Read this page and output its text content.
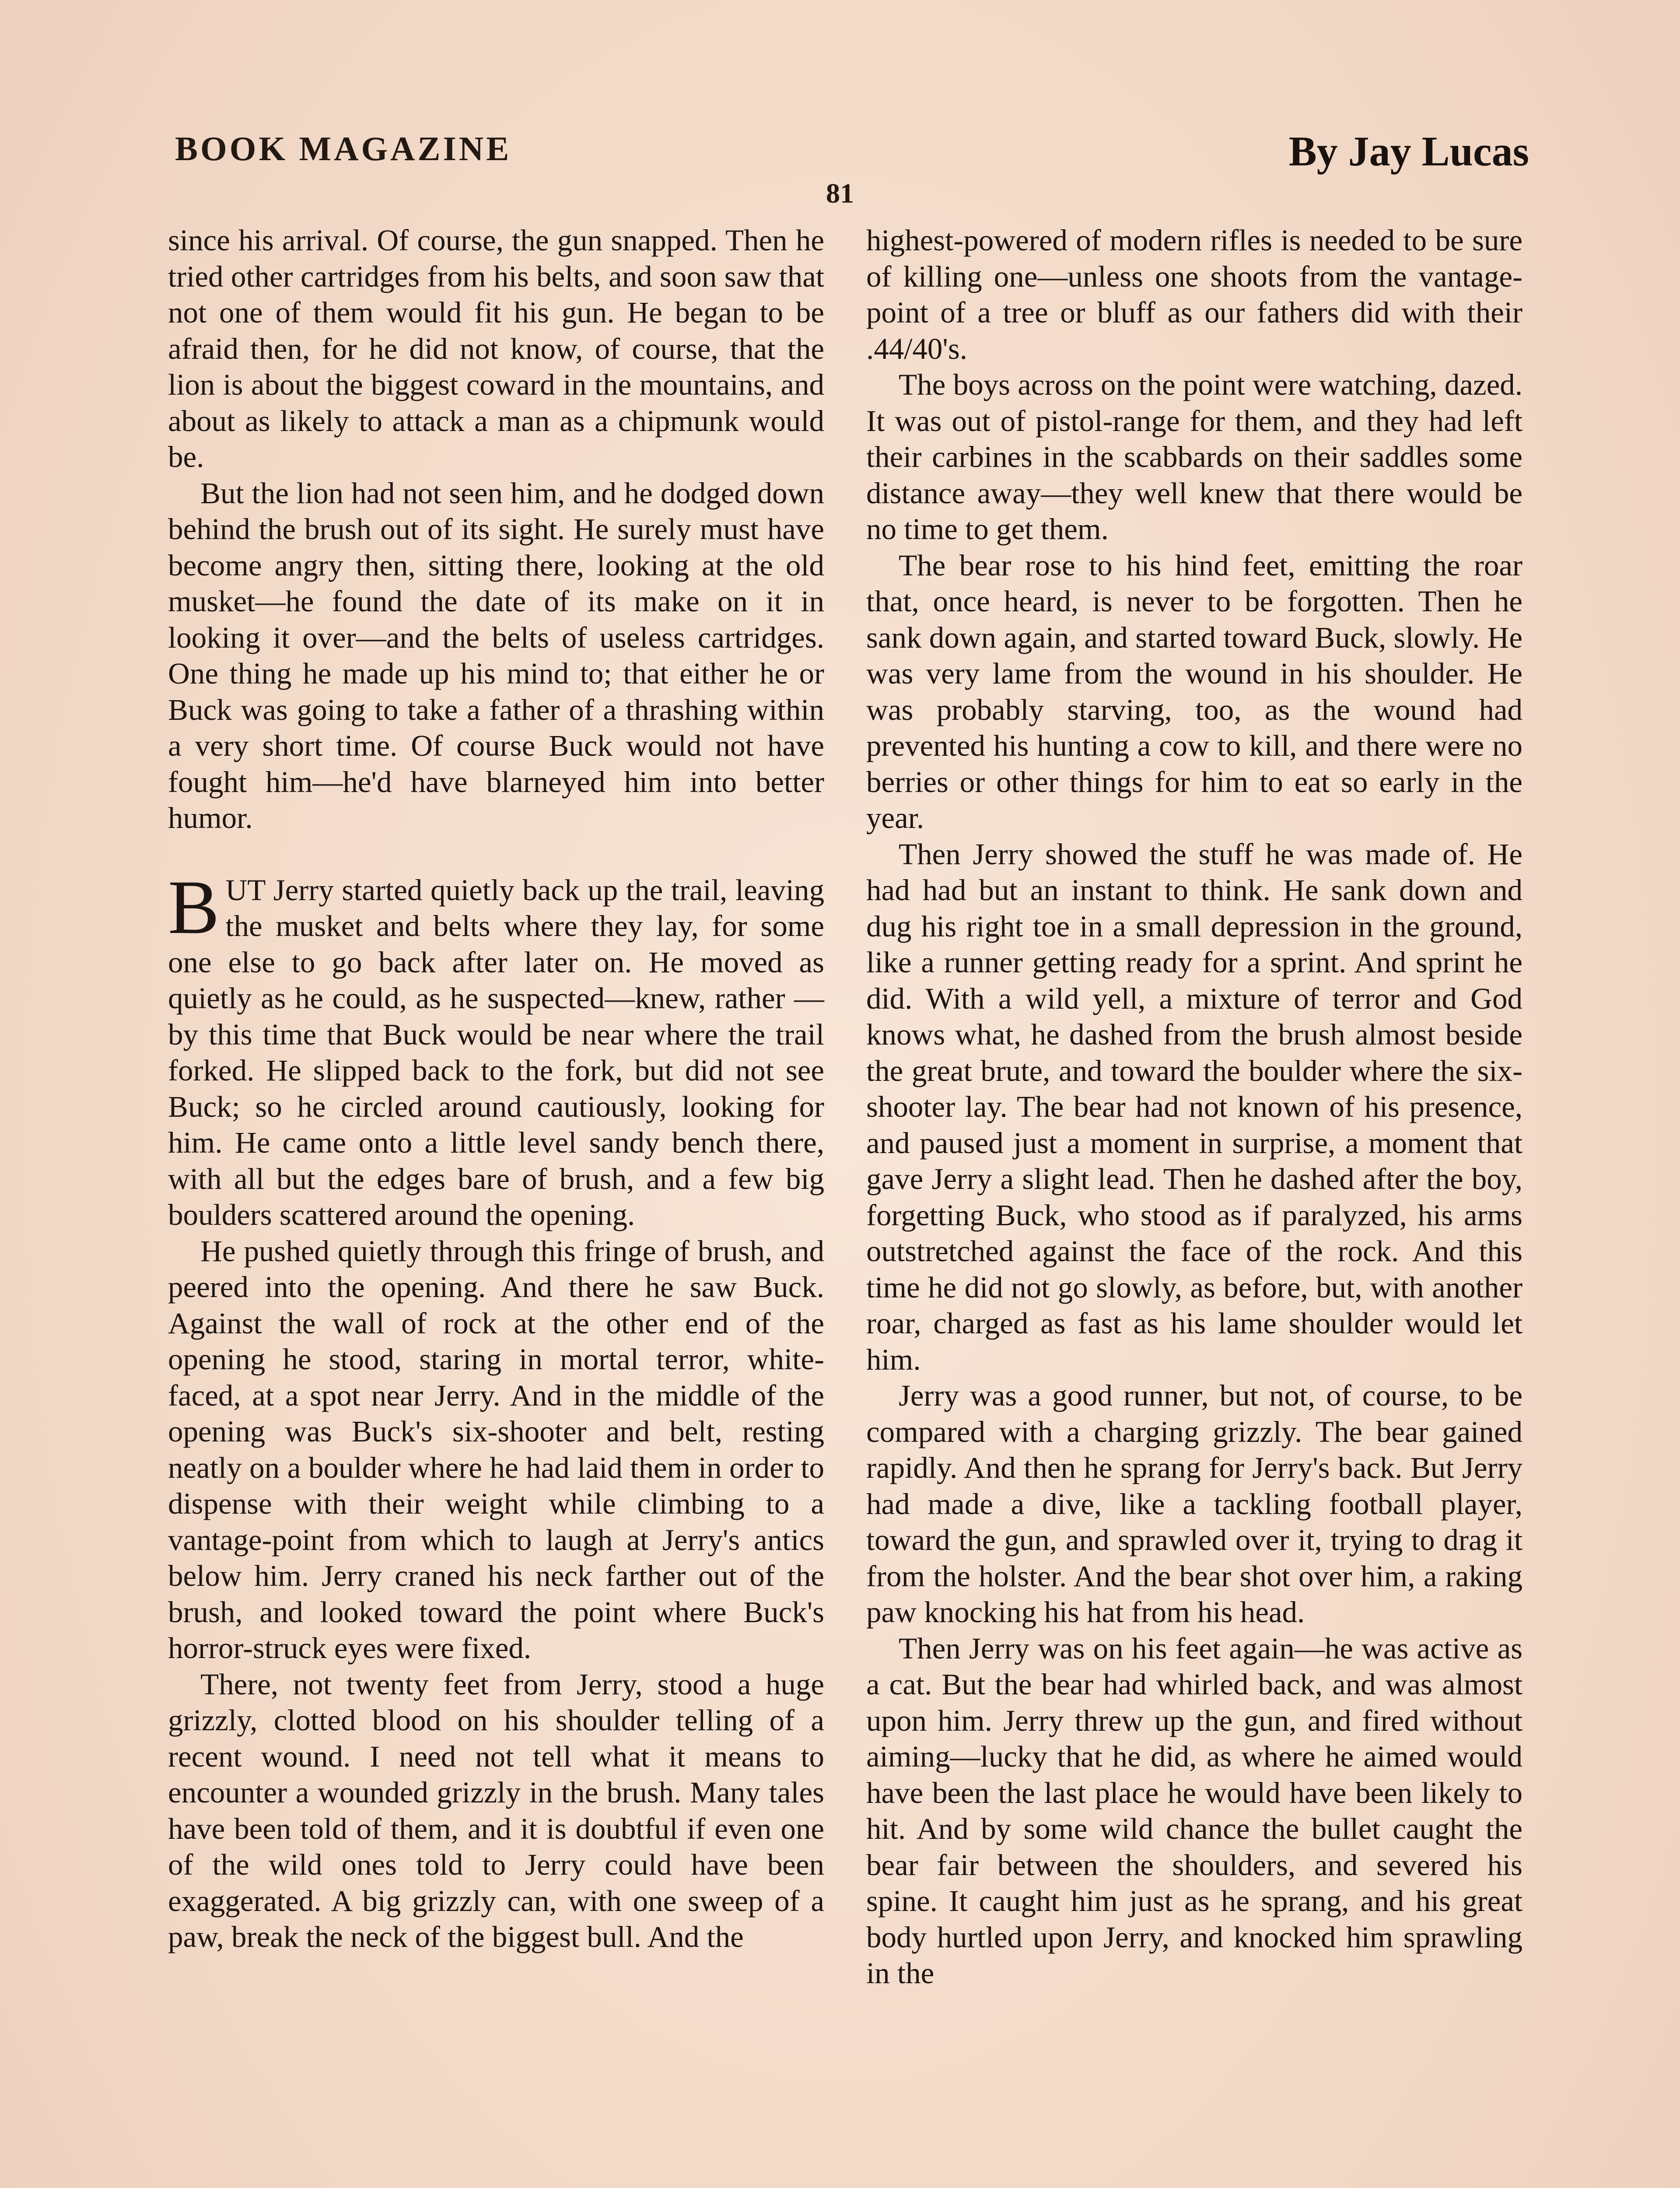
BOOK MAGAZINE	By Jay Lucas
81

since his arrival. Of course, the gun snapped. Then he tried other cartridges from his belts, and soon saw that not one of them would fit his gun. He began to be afraid then, for he did not know, of course, that the lion is about the biggest coward in the mountains, and about as likely to attack a man as a chipmunk would be.

But the lion had not seen him, and he dodged down behind the brush out of its sight. He surely must have become angry then, sitting there, looking at the old musket—he found the date of its make on it in looking it over—and the belts of useless cartridges. One thing he made up his mind to; that either he or Buck was going to take a father of a thrashing within a very short time. Of course Buck would not have fought him—he'd have blarneyed him into better humor.

BUT Jerry started quietly back up the trail, leaving the musket and belts where they lay, for some one else to go back after later on. He moved as quietly as he could, as he suspected—knew, rather —by this time that Buck would be near where the trail forked. He slipped back to the fork, but did not see Buck; so he circled around cautiously, looking for him. He came onto a little level sandy bench there, with all but the edges bare of brush, and a few big boulders scattered around the opening.

He pushed quietly through this fringe of brush, and peered into the opening. And there he saw Buck. Against the wall of rock at the other end of the opening he stood, staring in mortal terror, white-faced, at a spot near Jerry. And in the middle of the opening was Buck's six-shooter and belt, resting neatly on a boulder where he had laid them in order to dispense with their weight while climbing to a vantage-point from which to laugh at Jerry's antics below him. Jerry craned his neck farther out of the brush, and looked toward the point where Buck's horror-struck eyes were fixed.

There, not twenty feet from Jerry, stood a huge grizzly, clotted blood on his shoulder telling of a recent wound. I need not tell what it means to encounter a wounded grizzly in the brush. Many tales have been told of them, and it is doubtful if even one of the wild ones told to Jerry could have been exaggerated. A big grizzly can, with one sweep of a paw, break the neck of the biggest bull. And the

highest-powered of modern rifles is needed to be sure of killing one—unless one shoots from the vantage-point of a tree or bluff as our fathers did with their .44/40's.

The boys across on the point were watching, dazed. It was out of pistol-range for them, and they had left their carbines in the scabbards on their saddles some distance away—they well knew that there would be no time to get them.

The bear rose to his hind feet, emitting the roar that, once heard, is never to be forgotten. Then he sank down again, and started toward Buck, slowly. He was very lame from the wound in his shoulder. He was probably starving, too, as the wound had prevented his hunting a cow to kill, and there were no berries or other things for him to eat so early in the year.

Then Jerry showed the stuff he was made of. He had had but an instant to think. He sank down and dug his right toe in a small depression in the ground, like a runner getting ready for a sprint. And sprint he did. With a wild yell, a mixture of terror and God knows what, he dashed from the brush almost beside the great brute, and toward the boulder where the six-shooter lay. The bear had not known of his presence, and paused just a moment in surprise, a moment that gave Jerry a slight lead. Then he dashed after the boy, forgetting Buck, who stood as if paralyzed, his arms outstretched against the face of the rock. And this time he did not go slowly, as before, but, with another roar, charged as fast as his lame shoulder would let him.

Jerry was a good runner, but not, of course, to be compared with a charging grizzly. The bear gained rapidly. And then he sprang for Jerry's back. But Jerry had made a dive, like a tackling football player, toward the gun, and sprawled over it, trying to drag it from the holster. And the bear shot over him, a raking paw knocking his hat from his head.

Then Jerry was on his feet again—he was active as a cat. But the bear had whirled back, and was almost upon him. Jerry threw up the gun, and fired without aiming—lucky that he did, as where he aimed would have been the last place he would have been likely to hit. And by some wild chance the bullet caught the bear fair between the shoulders, and severed his spine. It caught him just as he sprang, and his great body hurtled upon Jerry, and knocked him sprawling in the
